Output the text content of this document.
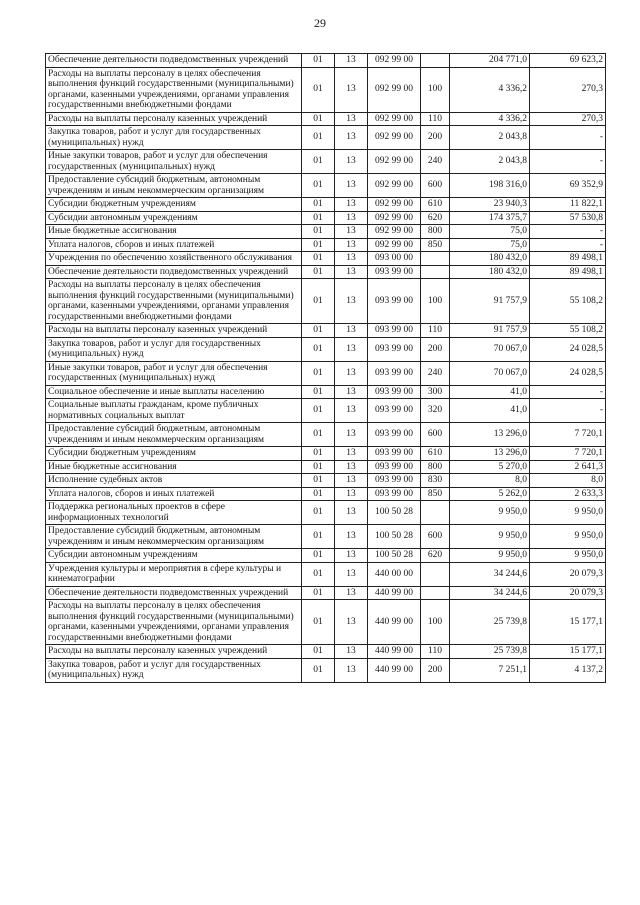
29
Обеспечение деятельности подведомственных учреждений	01	13	092 99 00		204 771,0	69 623,2
Расходы на выплаты персоналу в целях обеспечения выполнения функций государственными (муниципальными) органами, казенными учреждениями, органами управления государственными внебюджетными фондами	01	13	092 99 00	100	4 336,2	270,3
Расходы на выплаты персоналу казенных учреждений	01	13	092 99 00	110	4 336,2	270,3
Закупка товаров, работ и услуг для государственных (муниципальных) нужд	01	13	092 99 00	200	2 043,8	-
Иные закупки товаров, работ и услуг для обеспечения государственных (муниципальных) нужд	01	13	092 99 00	240	2 043,8	-
Предоставление субсидий бюджетным, автономным учреждениям и иным некоммерческим организациям	01	13	092 99 00	600	198 316,0	69 352,9
Субсидии бюджетным учреждениям	01	13	092 99 00	610	23 940,3	11 822,1
Субсидии автономным учреждениям	01	13	092 99 00	620	174 375,7	57 530,8
Иные бюджетные ассигнования	01	13	092 99 00	800	75,0	-
Уплата налогов, сборов и иных платежей	01	13	092 99 00	850	75,0	-
Учреждения по обеспечению хозяйственного обслуживания	01	13	093 00 00		180 432,0	89 498,1
Обеспечение деятельности подведомственных учреждений	01	13	093 99 00		180 432,0	89 498,1
Расходы на выплаты персоналу в целях обеспечения выполнения функций государственными (муниципальными) органами, казенными учреждениями, органами управления государственными внебюджетными фондами	01	13	093 99 00	100	91 757,9	55 108,2
Расходы на выплаты персоналу казенных учреждений	01	13	093 99 00	110	91 757,9	55 108,2
Закупка товаров, работ и услуг для государственных (муниципальных) нужд	01	13	093 99 00	200	70 067,0	24 028,5
Иные закупки товаров, работ и услуг для обеспечения государственных (муниципальных) нужд	01	13	093 99 00	240	70 067,0	24 028,5
Социальное обеспечение и иные выплаты населению	01	13	093 99 00	300	41,0	-
Социальные выплаты гражданам, кроме публичных нормативных социальных выплат	01	13	093 99 00	320	41,0	-
Предоставление субсидий бюджетным, автономным учреждениям и иным некоммерческим организациям	01	13	093 99 00	600	13 296,0	7 720,1
Субсидии бюджетным учреждениям	01	13	093 99 00	610	13 296,0	7 720,1
Иные бюджетные ассигнования	01	13	093 99 00	800	5 270,0	2 641,3
Исполнение судебных актов	01	13	093 99 00	830	8,0	8,0
Уплата налогов, сборов и иных платежей	01	13	093 99 00	850	5 262,0	2 633,3
Поддержка региональных проектов в сфере информационных технологий	01	13	100 50 28		9 950,0	9 950,0
Предоставление субсидий бюджетным, автономным учреждениям и иным некоммерческим организациям	01	13	100 50 28	600	9 950,0	9 950,0
Субсидии автономным учреждениям	01	13	100 50 28	620	9 950,0	9 950,0
Учреждения культуры и мероприятия в сфере культуры и кинематографии	01	13	440 00 00		34 244,6	20 079,3
Обеспечение деятельности подведомственных учреждений	01	13	440 99 00		34 244,6	20 079,3
Расходы на выплаты персоналу в целях обеспечения выполнения функций государственными (муниципальными) органами, казенными учреждениями, органами управления государственными внебюджетными фондами	01	13	440 99 00	100	25 739,8	15 177,1
Расходы на выплаты персоналу казенных учреждений	01	13	440 99 00	110	25 739,8	15 177,1
Закупка товаров, работ и услуг для государственных (муниципальных) нужд	01	13	440 99 00	200	7 251,1	4 137,2
